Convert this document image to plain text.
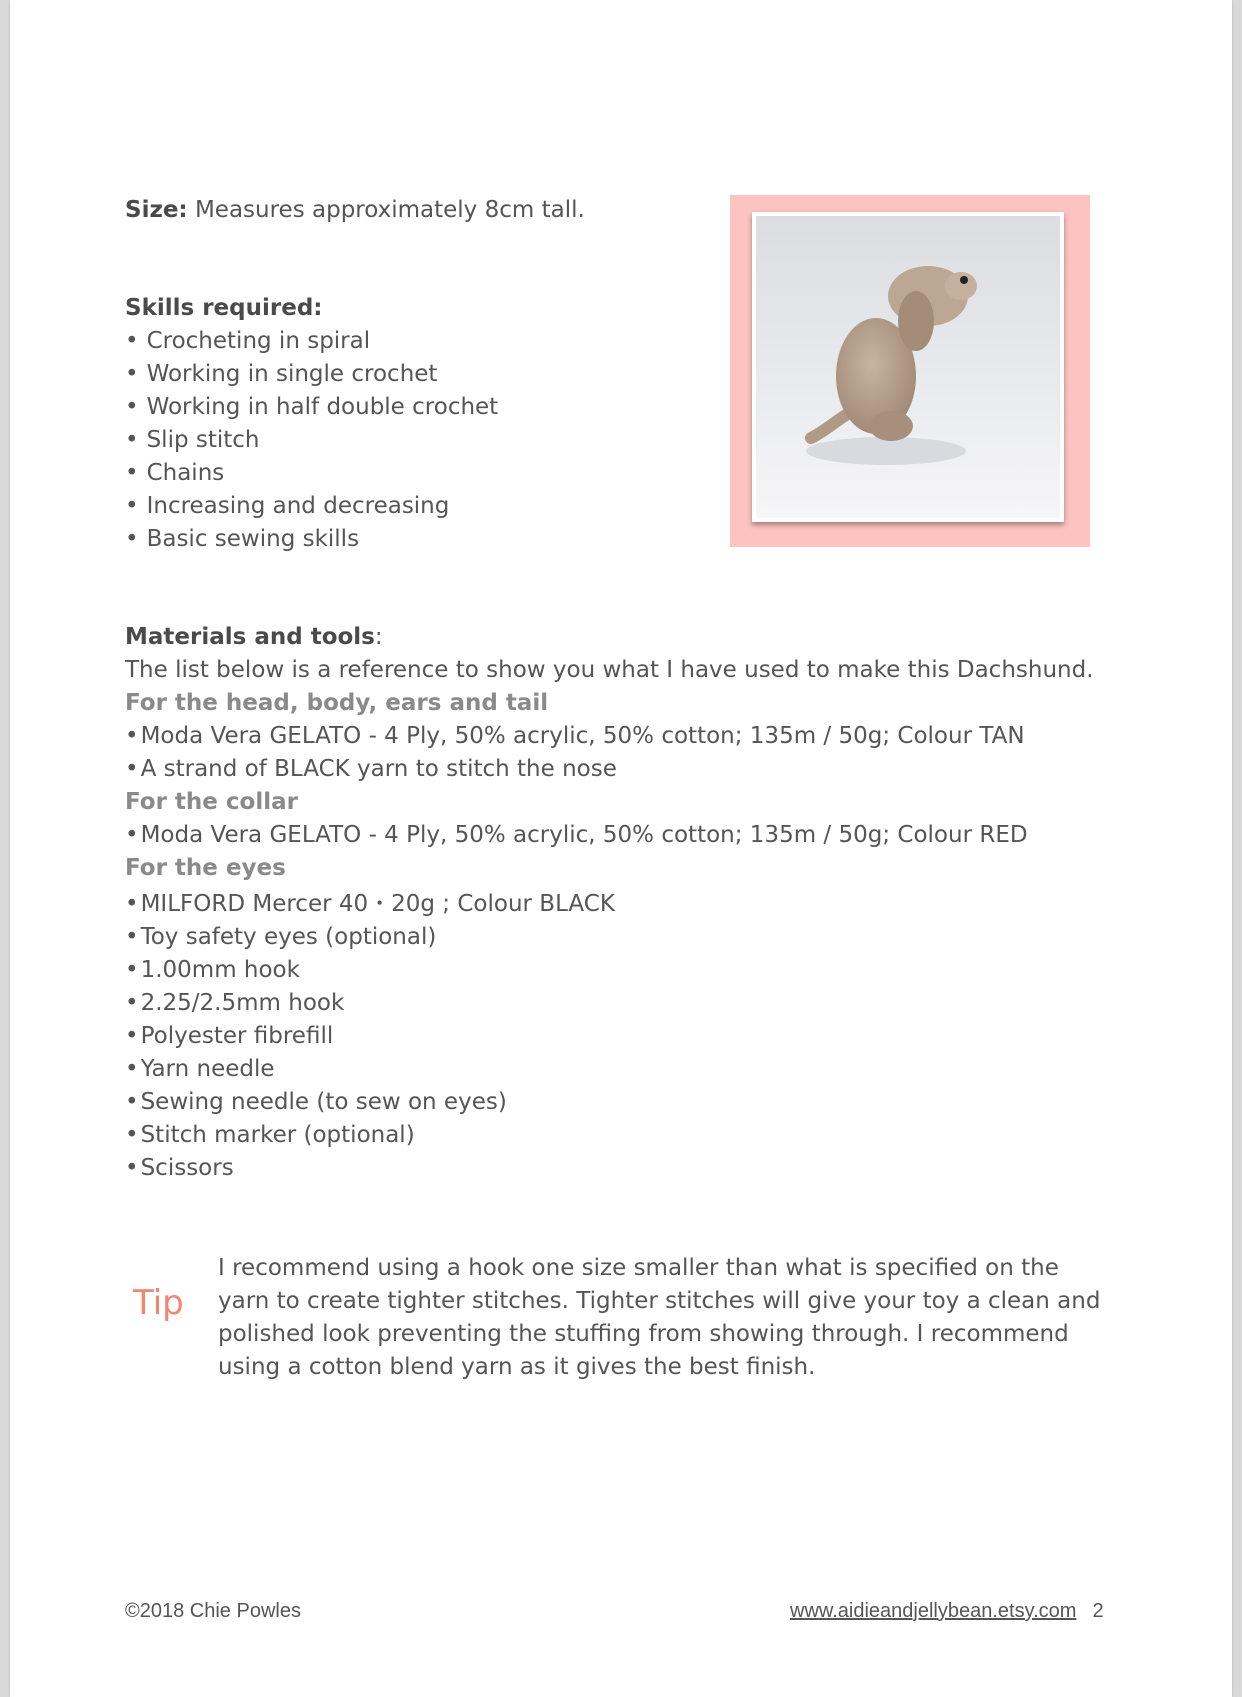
Size: Measures approximately 8cm tall.
Skills required:
• Crocheting in spiral
• Working in single crochet
• Working in half double crochet
• Slip stitch
• Chains
• Increasing and decreasing
• Basic sewing skills
Materials and tools:
The list below is a reference to show you what I have used to make this Dachshund.
For the head, body, ears and tail
• Moda Vera GELATO - 4 Ply, 50% acrylic, 50% cotton; 135m / 50g; Colour TAN
• A strand of BLACK yarn to stitch the nose
For the collar
• Moda Vera GELATO - 4 Ply, 50% acrylic, 50% cotton; 135m / 50g; Colour RED
For the eyes
• MILFORD Mercer 40・20g ; Colour BLACK
• Toy safety eyes (optional)
• 1.00mm hook
• 2.25/2.5mm hook
• Polyester fibrefill
• Yarn needle
• Sewing needle (to sew on eyes)
• Stitch marker (optional)
• Scissors
Tip
I recommend using a hook one size smaller than what is specified on the
yarn to create tighter stitches. Tighter stitches will give your toy a clean and
polished look preventing the stuffing from showing through. I recommend
using a cotton blend yarn as it gives the best finish.
©2018 Chie Powles	www.aidieandjellybean.etsy.com 2
